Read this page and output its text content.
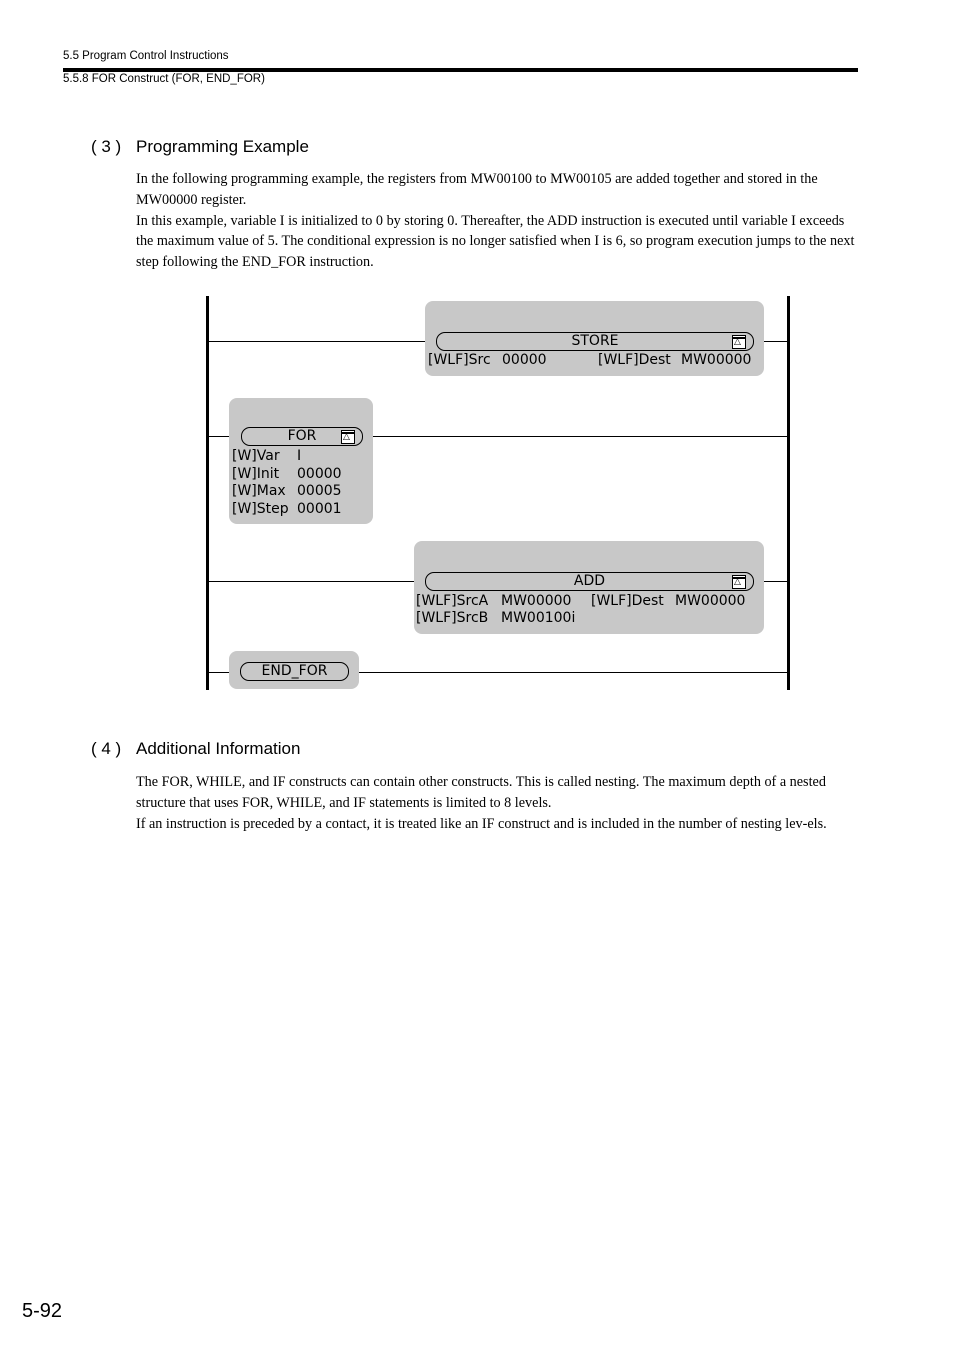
5.5 Program Control Instructions
5.5.8 FOR Construct (FOR, END_FOR)
( 3 ) Programming Example

In the following programming example, the registers from MW00100 to MW00105 are added together and stored in the MW00000 register.

In this example, variable I is initialized to 0 by storing 0. Thereafter, the ADD instruction is executed until variable I exceeds the maximum value of 5. The conditional expression is no longer satisfied when I is 6, so program execution jumps to the next step following the END_FOR instruction.

STORE
△
[WLF]Src 00000	[WLF]Dest MW00000
FOR
△
[W]Var I
[W]Init 00000
[W]Max 00005
[W]Step 00001
ADD
△
[WLF]SrcA MW00000 [WLF]Dest MW00000
[WLF]SrcB MW00100i
END_FOR
( 4 ) Additional Information

The FOR, WHILE, and IF constructs can contain other constructs. This is called nesting. The maximum depth of a nested structure that uses FOR, WHILE, and IF statements is limited to 8 levels.

If an instruction is preceded by a contact, it is treated like an IF construct and is included in the number of nesting lev-els.

5-92
